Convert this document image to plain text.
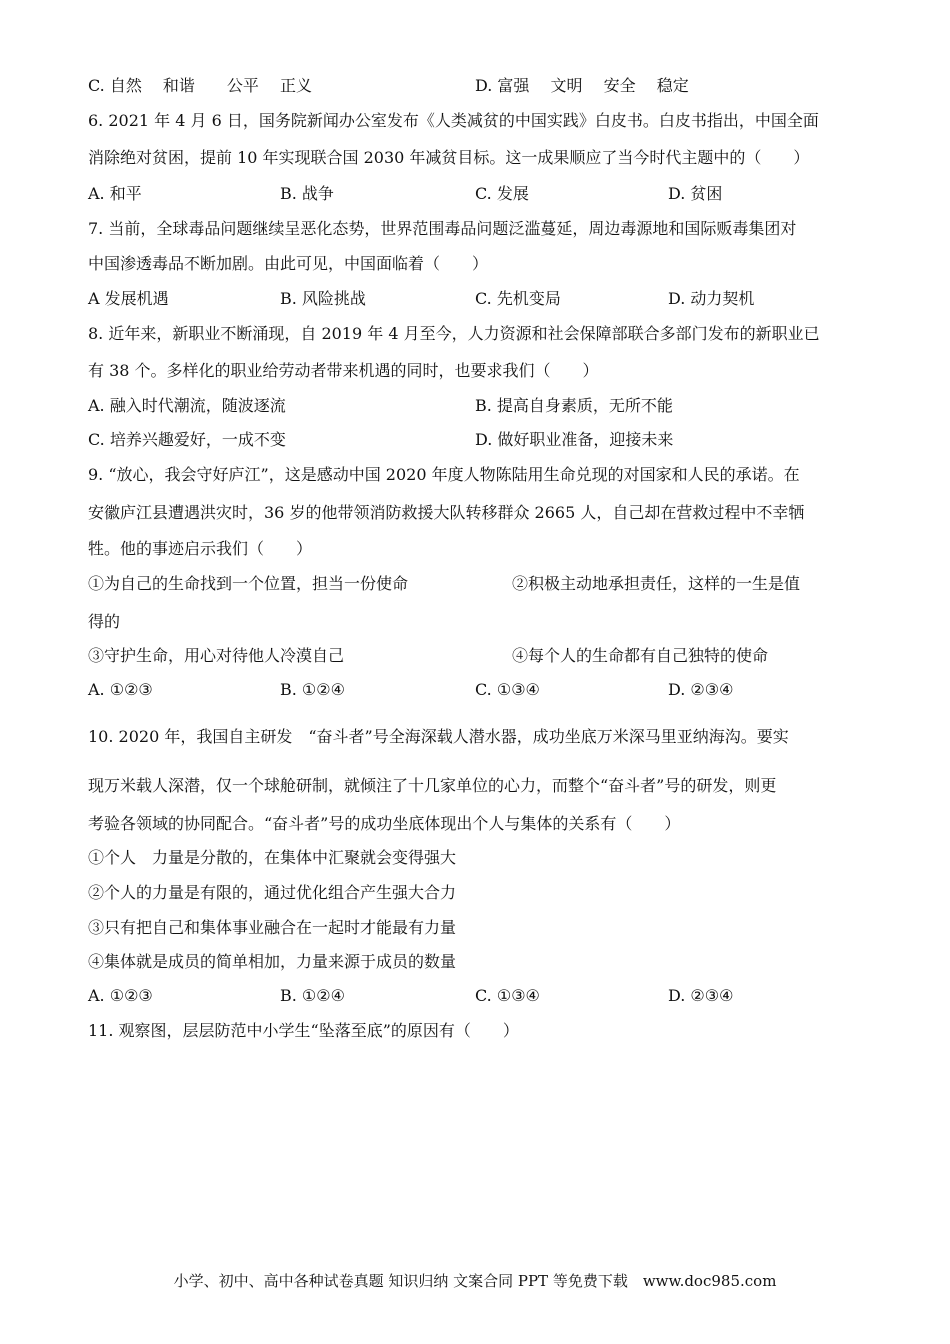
C. 自然　 和谐　　公平　 正义	D. 富强　 文明　 安全　 稳定
6. 2021 年 4 月 6 日，国务院新闻办公室发布《人类减贫的中国实践》白皮书。白皮书指出，中国全面
消除绝对贫困，提前 10 年实现联合国 2030 年减贫目标。这一成果顺应了当今时代主题中的（　　）
A. 和平	B. 战争	C. 发展	D. 贫困
7. 当前，全球毒品问题继续呈恶化态势，世界范围毒品问题泛滥蔓延，周边毒源地和国际贩毒集团对
中国渗透毒品不断加剧。由此可见，中国面临着（　　）
A 发展机遇	B. 风险挑战	C. 先机变局	D. 动力契机
8. 近年来，新职业不断涌现，自 2019 年 4 月至今，人力资源和社会保障部联合多部门发布的新职业已
有 38 个。多样化的职业给劳动者带来机遇的同时，也要求我们（　　）
A. 融入时代潮流，随波逐流	B. 提高自身素质，无所不能
C. 培养兴趣爱好，一成不变	D. 做好职业准备，迎接未来
9. “放心，我会守好庐江”，这是感动中国 2020 年度人物陈陆用生命兑现的对国家和人民的承诺。在
安徽庐江县遭遇洪灾时，36 岁的他带领消防救援大队转移群众 2665 人，自己却在营救过程中不幸牺
牲。他的事迹启示我们（　　）
①为自己的生命找到一个位置，担当一份使命	②积极主动地承担责任，这样的一生是值
得的
③守护生命，用心对待他人冷漠自己	④每个人的生命都有自己独特的使命
A. ①②③	B. ①②④	C. ①③④	D. ②③④
10. 2020 年，我国自主研发　“奋斗者”号全海深载人潜水器，成功坐底万米深马里亚纳海沟。要实
现万米载人深潜，仅一个球舱研制，就倾注了十几家单位的心力，而整个“奋斗者”号的研发，则更
考验各领域的协同配合。“奋斗者”号的成功坐底体现出个人与集体的关系有（　　）
①个人　力量是分散的，在集体中汇聚就会变得强大
②个人的力量是有限的，通过优化组合产生强大合力
③只有把自己和集体事业融合在一起时才能最有力量
④集体就是成员的简单相加，力量来源于成员的数量
A. ①②③	B. ①②④	C. ①③④	D. ②③④
11. 观察图，层层防范中小学生“坠落至底”的原因有（　　）
小学、初中、高中各种试卷真题 知识归纳 文案合同 PPT 等免费下载　www.doc985.com
